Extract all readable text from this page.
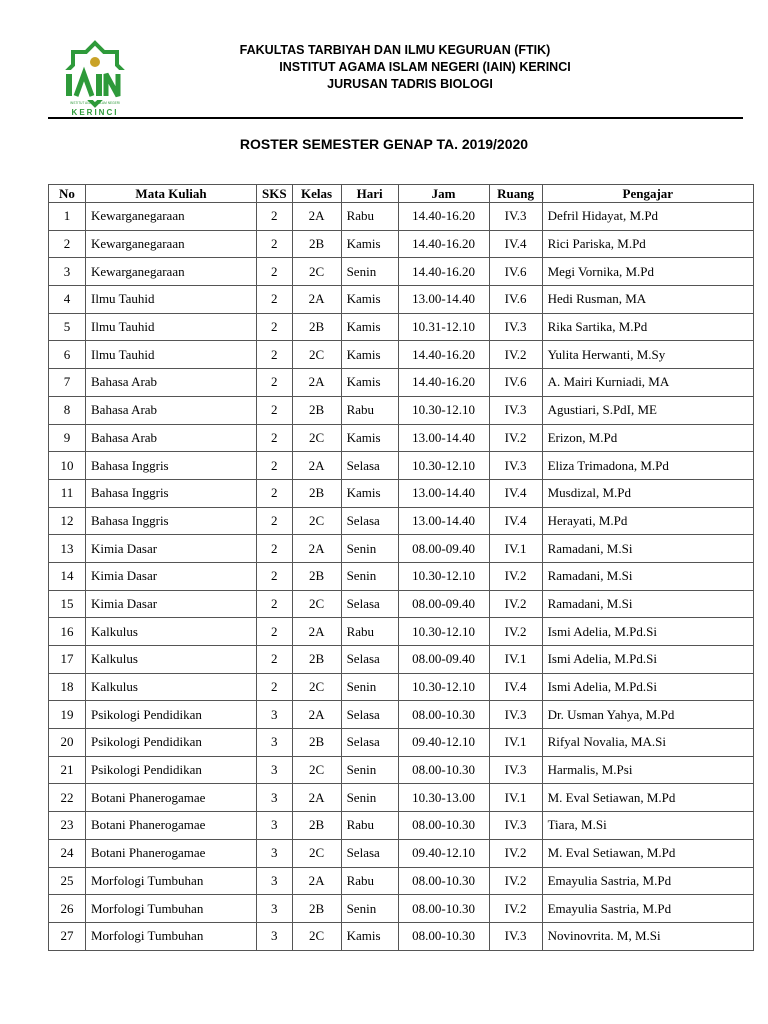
INSTITUT AGAMA ISLAM NEGERI
KERINCI
FAKULTAS TARBIYAH DAN ILMU KEGURUAN (FTIK)
INSTITUT AGAMA ISLAM NEGERI (IAIN) KERINCI
JURUSAN TADRIS BIOLOGI
ROSTER SEMESTER GENAP TA. 2019/2020
No	Mata Kuliah	SKS	Kelas	Hari	Jam	Ruang	Pengajar
1	Kewarganegaraan	2	2A	Rabu	14.40-16.20	IV.3	Defril Hidayat, M.Pd
2	Kewarganegaraan	2	2B	Kamis	14.40-16.20	IV.4	Rici Pariska, M.Pd
3	Kewarganegaraan	2	2C	Senin	14.40-16.20	IV.6	Megi Vornika, M.Pd
4	Ilmu Tauhid	2	2A	Kamis	13.00-14.40	IV.6	Hedi Rusman, MA
5	Ilmu Tauhid	2	2B	Kamis	10.31-12.10	IV.3	Rika Sartika, M.Pd
6	Ilmu Tauhid	2	2C	Kamis	14.40-16.20	IV.2	Yulita Herwanti, M.Sy
7	Bahasa Arab	2	2A	Kamis	14.40-16.20	IV.6	A. Mairi Kurniadi, MA
8	Bahasa Arab	2	2B	Rabu	10.30-12.10	IV.3	Agustiari, S.PdI, ME
9	Bahasa Arab	2	2C	Kamis	13.00-14.40	IV.2	Erizon, M.Pd
10	Bahasa Inggris	2	2A	Selasa	10.30-12.10	IV.3	Eliza Trimadona, M.Pd
11	Bahasa Inggris	2	2B	Kamis	13.00-14.40	IV.4	Musdizal, M.Pd
12	Bahasa Inggris	2	2C	Selasa	13.00-14.40	IV.4	Herayati, M.Pd
13	Kimia Dasar	2	2A	Senin	08.00-09.40	IV.1	Ramadani, M.Si
14	Kimia Dasar	2	2B	Senin	10.30-12.10	IV.2	Ramadani, M.Si
15	Kimia Dasar	2	2C	Selasa	08.00-09.40	IV.2	Ramadani, M.Si
16	Kalkulus	2	2A	Rabu	10.30-12.10	IV.2	Ismi Adelia, M.Pd.Si
17	Kalkulus	2	2B	Selasa	08.00-09.40	IV.1	Ismi Adelia, M.Pd.Si
18	Kalkulus	2	2C	Senin	10.30-12.10	IV.4	Ismi Adelia, M.Pd.Si
19	Psikologi Pendidikan	3	2A	Selasa	08.00-10.30	IV.3	Dr. Usman Yahya, M.Pd
20	Psikologi Pendidikan	3	2B	Selasa	09.40-12.10	IV.1	Rifyal Novalia, MA.Si
21	Psikologi Pendidikan	3	2C	Senin	08.00-10.30	IV.3	Harmalis, M.Psi
22	Botani Phanerogamae	3	2A	Senin	10.30-13.00	IV.1	M. Eval Setiawan, M.Pd
23	Botani Phanerogamae	3	2B	Rabu	08.00-10.30	IV.3	Tiara, M.Si
24	Botani Phanerogamae	3	2C	Selasa	09.40-12.10	IV.2	M. Eval Setiawan, M.Pd
25	Morfologi Tumbuhan	3	2A	Rabu	08.00-10.30	IV.2	Emayulia Sastria, M.Pd
26	Morfologi Tumbuhan	3	2B	Senin	08.00-10.30	IV.2	Emayulia Sastria, M.Pd
27	Morfologi Tumbuhan	3	2C	Kamis	08.00-10.30	IV.3	Novinovrita. M, M.Si
